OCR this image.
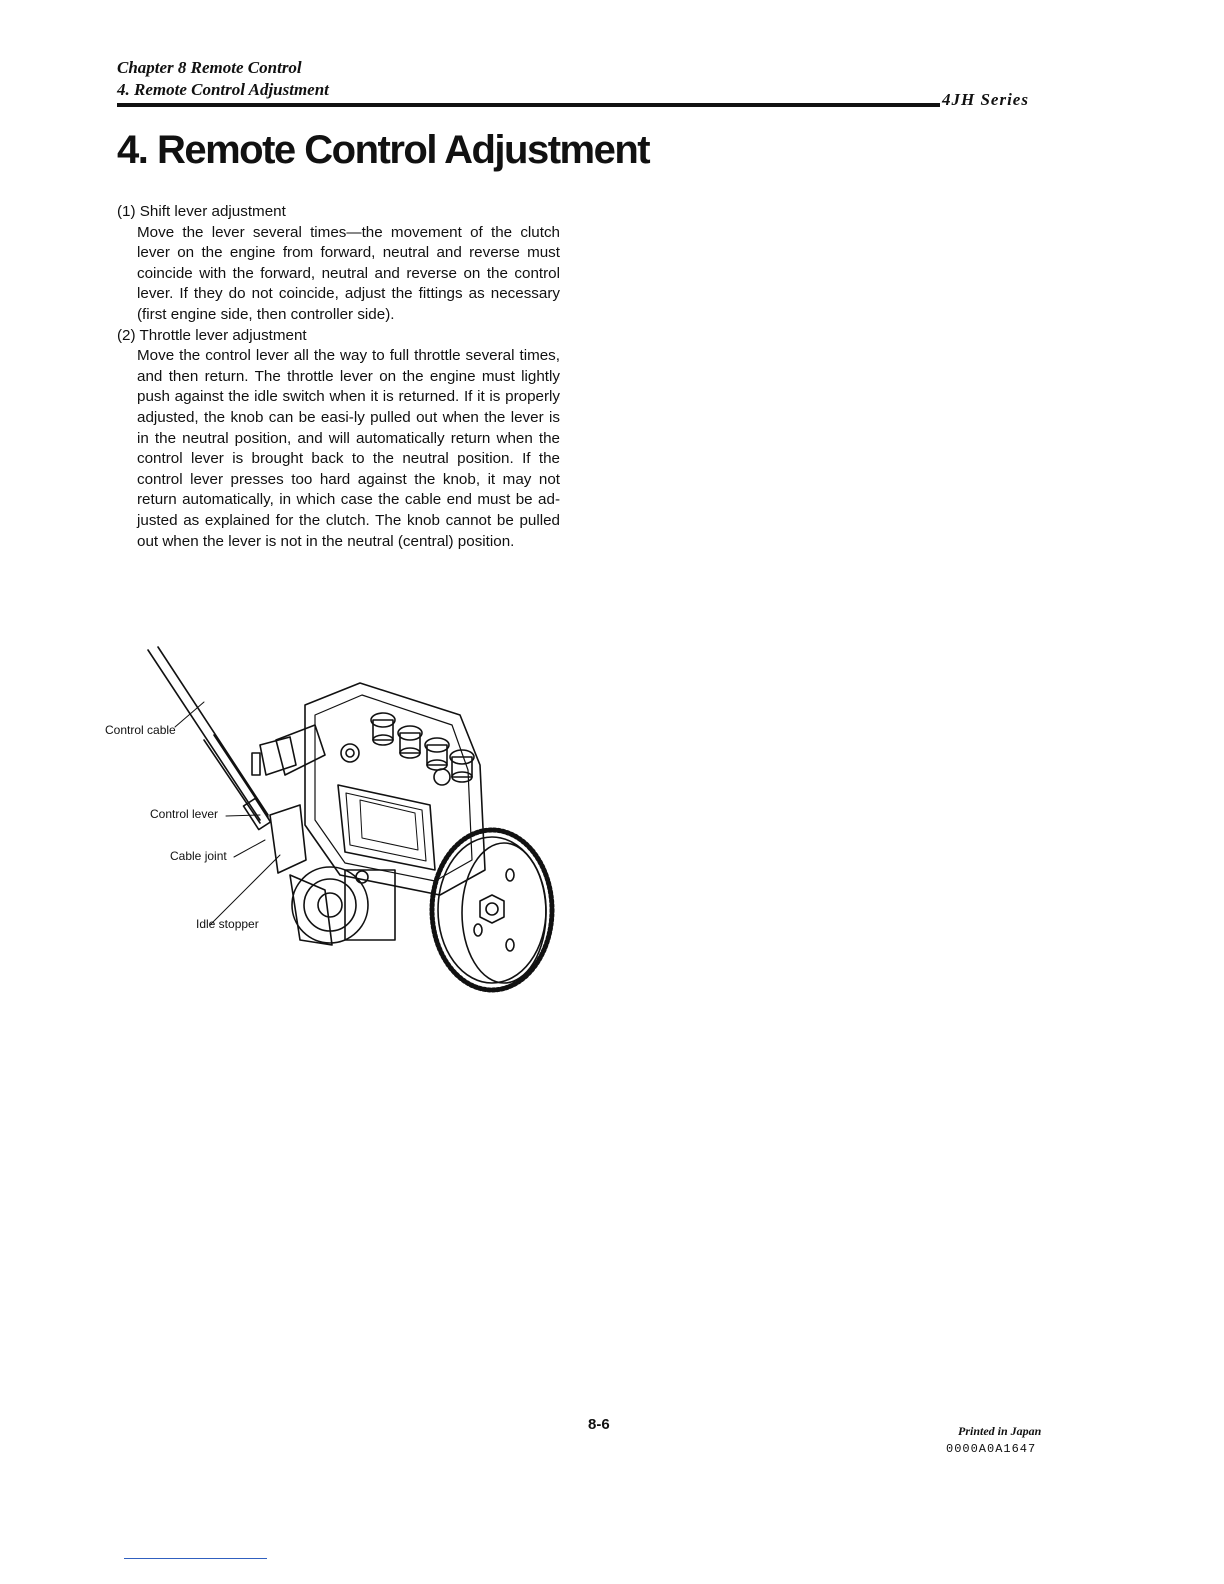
Chapter 8 Remote Control
4. Remote Control Adjustment
4JH Series
4. Remote Control Adjustment

(1) Shift lever adjustment

Move the lever several times—the movement of the clutch lever on the engine from forward, neutral and reverse must coincide with the forward, neutral and reverse on the control lever. If they do not coincide, adjust the fittings as necessary (first engine side, then controller side).

(2) Throttle lever adjustment

Move the control lever all the way to full throttle several times, and then return. The throttle lever on the engine must lightly push against the idle switch when it is returned. If it is properly adjusted, the knob can be easi-ly pulled out when the lever is in the neutral position, and will automatically return when the control lever is brought back to the neutral position. If the control lever presses too hard against the knob, it may not return automatically, in which case the cable end must be ad-justed as explained for the clutch. The knob cannot be pulled out when the lever is not in the neutral (central) position.

Control cable
Control lever
Cable joint
Idle stopper
8-6	Printed in Japan
0000A0A1647
